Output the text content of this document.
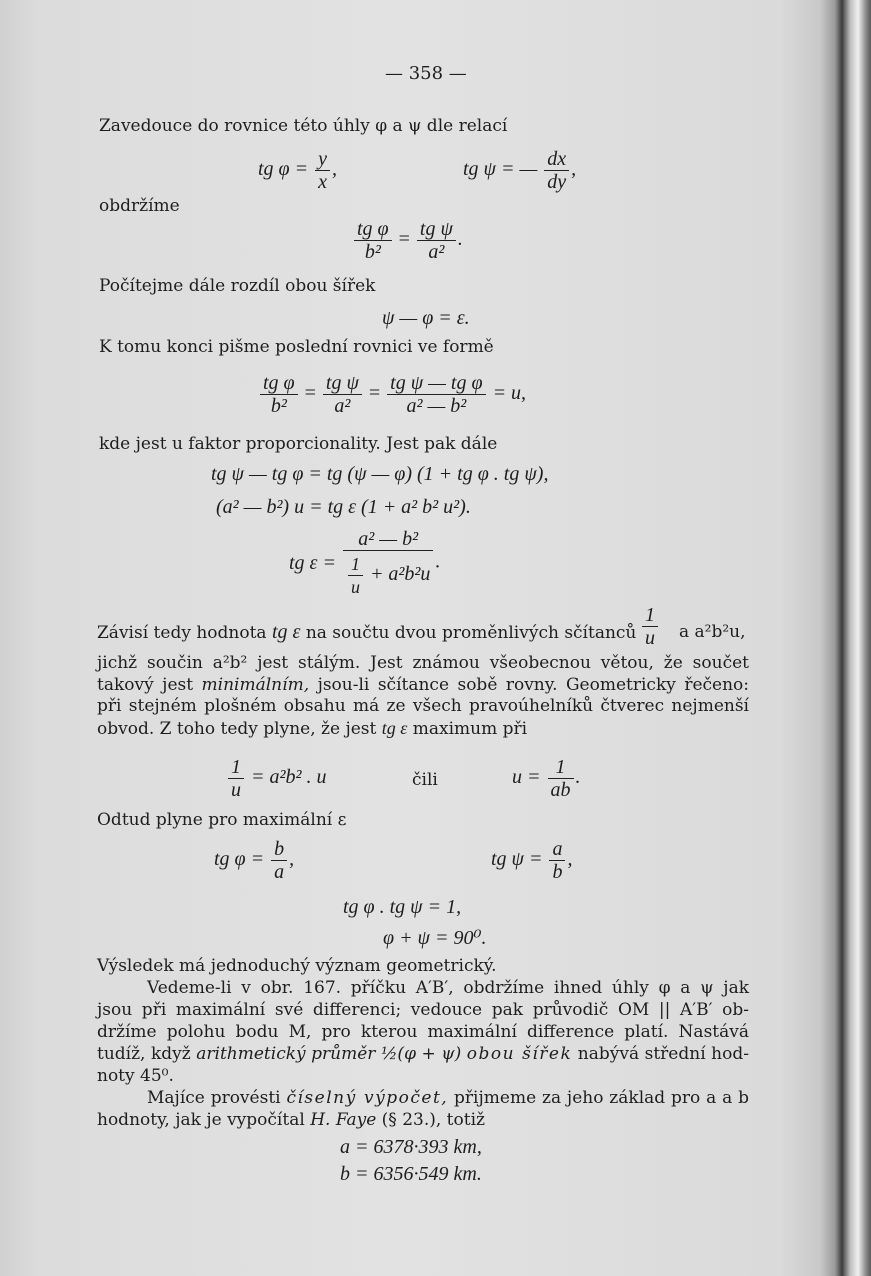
— 358 —
Zavedouce do rovnice této úhly φ a ψ dle relací
tg $\varphi = \frac{y}{x}$ ,	tg ψ = — $\frac{dx}{dy}$ ,
obdržíme
$\frac{\text{tg φ}}{\text{b²}} = \frac{\text{tg ψ}}{\text{a²}}$ .
Počítejme dále rozdíl obou šířek
ψ — φ = ε.
K tomu konci pišme poslední rovnici ve formě
$\frac{\text{tg φ}}{\text{b²}} = \frac{\text{tg ψ}}{\text{a²}} = \frac{\text{tg ψ — tg φ}}{\text{a² — b²}} = u$,
kde jest u faktor proporcionality. Jest pak dále
tg ψ — tg φ = tg (ψ — φ) (1 + tg φ . tg ψ),
(a² — b²) u = tg ε (1 + a² b² u²).
tg $\varepsilon = \frac{\text{a² — b²}}{\frac{1}{u} + a^2b^2u}$ .
Závisí tedy hodnota tg ε na součtu dvou proměnlivých sčítanců $\frac{1}{u}$ a a²b²u,
jichž součin a²b² jest stálým. Jest známou všeobecnou větou, že součet
takový jest minimálním, jsou-li sčítance sobě rovny. Geometricky řečeno:
při stejném plošném obsahu má ze všech pravoúhelníků čtverec nejmenší
obvod. Z toho tedy plyne, že jest tg ε maximum při
$\frac{1}{u} = a^2b^2$ . u	čili	$u = \frac{1}{ab}$ .
Odtud plyne pro maximální ε
tg $\varphi = \frac{b}{a}$ ,	tg $\psi = \frac{a}{b}$ ,
tg φ . tg ψ = 1,
φ + ψ = 90⁰.
Výsledek má jednoduchý význam geometrický.
Vedeme-li v obr. 167. příčku A′B′, obdržíme ihned úhly φ a ψ jak
jsou při maximální své differenci; vedouce pak průvodič OM || A′B′ ob-
držíme polohu bodu M, pro kterou maximální difference platí. Nastává
tudíž, když arithmetický průměr ½(φ + ψ) obou šířek nabývá střední hod-
noty 45⁰.
Majíce provésti číselný výpočet, přijmeme za jeho základ pro a a b
hodnoty, jak je vypočítal H. Faye (§ 23.), totiž
a = 6378·393 km,
b = 6356·549 km.
